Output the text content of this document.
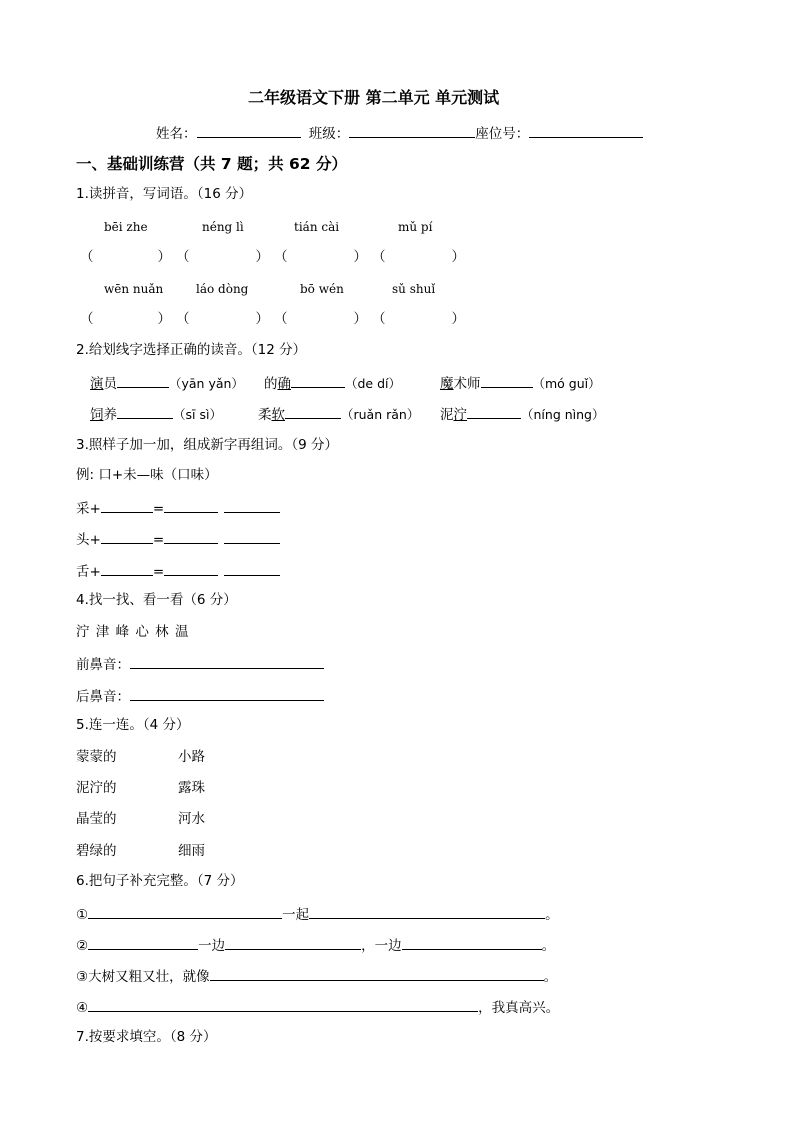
二年级语文下册 第二单元 单元测试
姓名：	班级：	座位号：
一、基础训练营（共 7 题；共 62 分）
1.读拼音，写词语。（16 分）
bēi zhe	néng lì	tián cài	mǔ pí
（	） （	） （	） （	）
wēn nuǎn	láo dòng	bō wén	sǔ shuǐ
（	） （	） （	） （	）
2.给划线字选择正确的读音。（12 分）
演员	（yān yǎn） 的确	（de dí）	魔术师	（mó guǐ）
饲养	（sī sì）	柔软	（ruǎn rǎn） 泥泞	（níng nìng）
3.照样子加一加，组成新字再组词。（9 分）
例: 口+未—味（口味）
采+	=
头+	=
舌+	=
4.找一找、看一看（6 分）
泞 津 峰 心 林 温
前鼻音：
后鼻音：
5.连一连。（4 分）
蒙蒙的	小路
泥泞的	露珠
晶莹的	河水
碧绿的	细雨
6.把句子补充完整。（7 分）
①	一起	。
②	一边	，一边	。
③大树又粗又壮，就像	。
④	，我真高兴。
7.按要求填空。（8 分）
